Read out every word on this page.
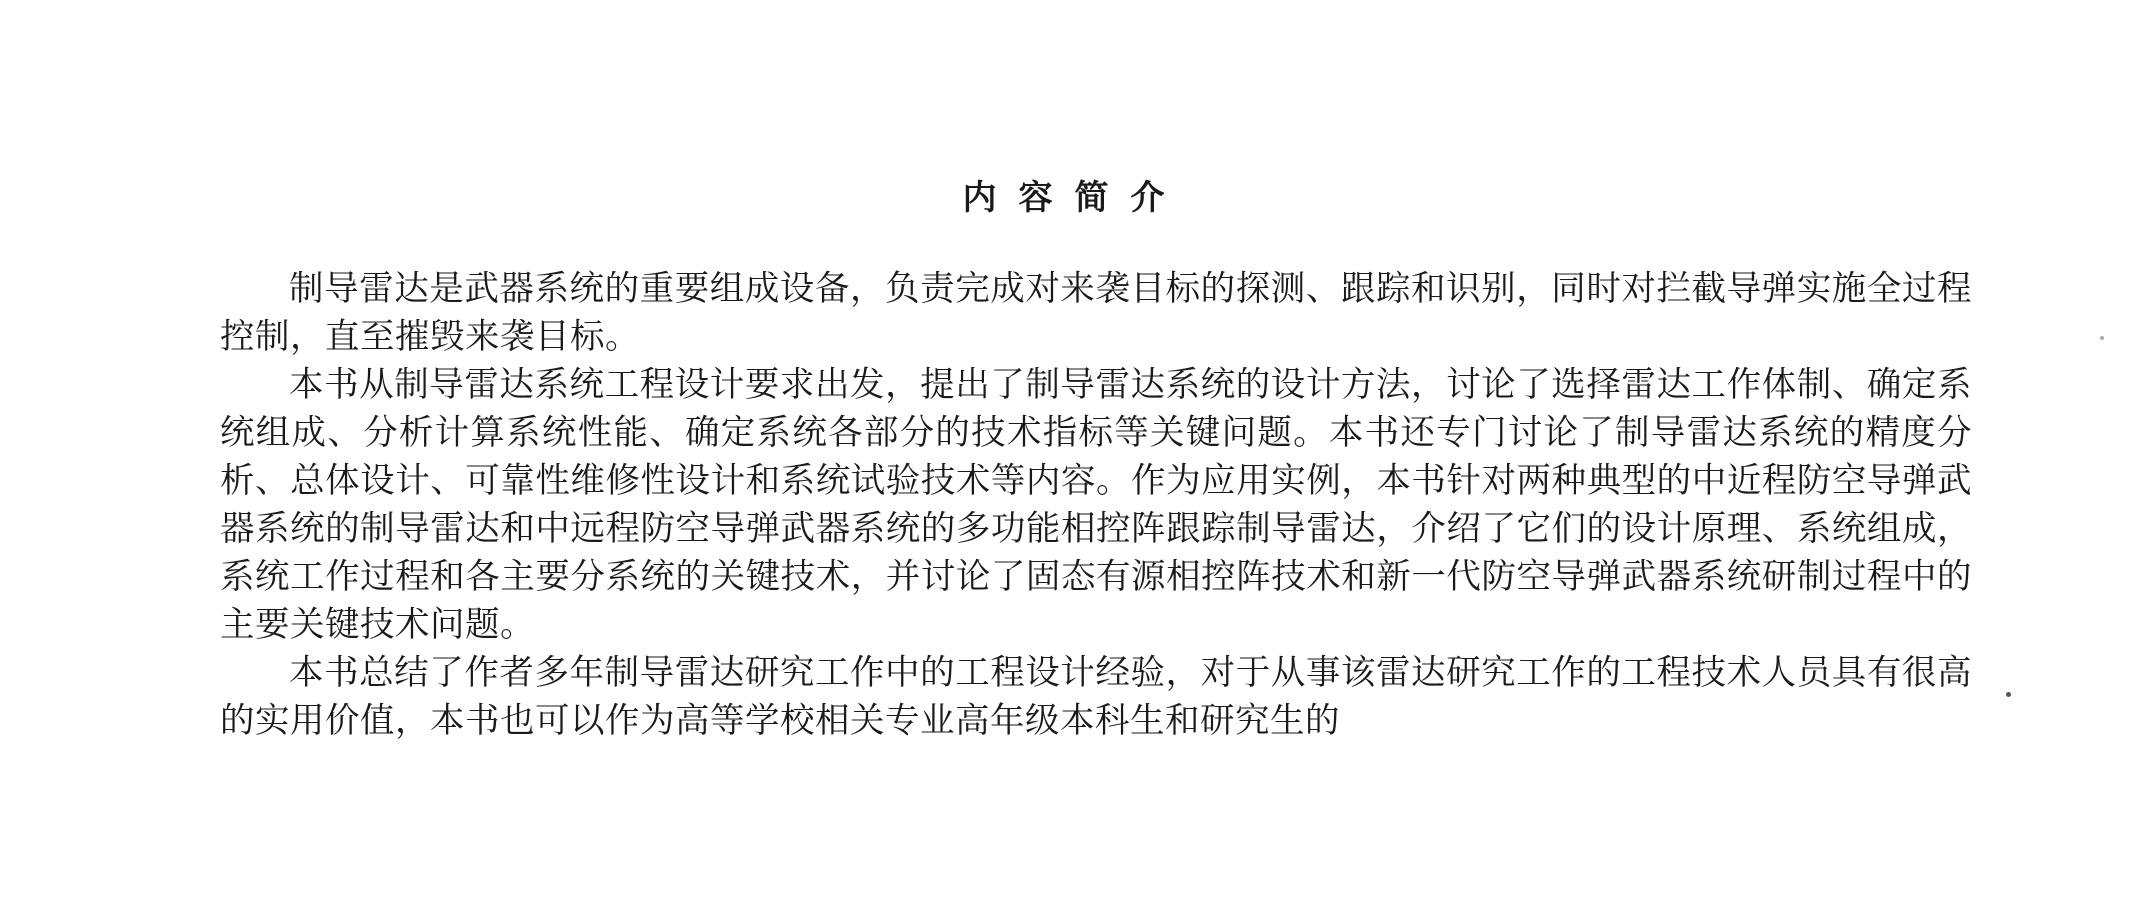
内容简介

制导雷达是武器系统的重要组成设备，负责完成对来袭目标的探测、跟踪和识别，同时对拦截导弹实施全过程控制，直至摧毁来袭目标。

本书从制导雷达系统工程设计要求出发，提出了制导雷达系统的设计方法，讨论了选择雷达工作体制、确定系统组成、分析计算系统性能、确定系统各部分的技术指标等关键问题。本书还专门讨论了制导雷达系统的精度分析、总体设计、可靠性维修性设计和系统试验技术等内容。作为应用实例，本书针对两种典型的中近程防空导弹武器系统的制导雷达和中远程防空导弹武器系统的多功能相控阵跟踪制导雷达，介绍了它们的设计原理、系统组成，系统工作过程和各主要分系统的关键技术，并讨论了固态有源相控阵技术和新一代防空导弹武器系统研制过程中的主要关键技术问题。

本书总结了作者多年制导雷达研究工作中的工程设计经验，对于从事该雷达研究工作的工程技术人员具有很高的实用价值，本书也可以作为高等学校相关专业高年级本科生和研究生的
